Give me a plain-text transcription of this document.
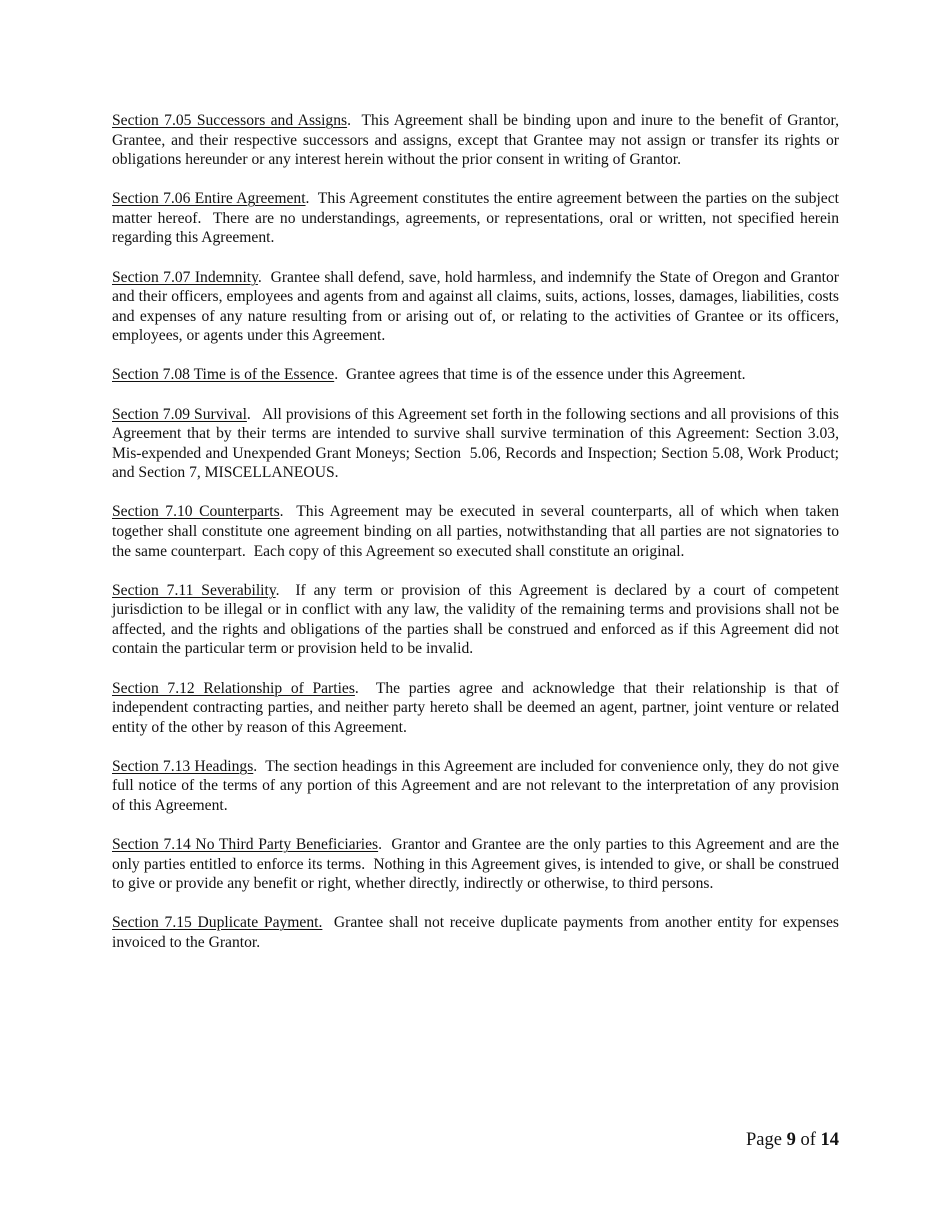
Section 7.05 Successors and Assigns.  This Agreement shall be binding upon and inure to the benefit of Grantor, Grantee, and their respective successors and assigns, except that Grantee may not assign or transfer its rights or obligations hereunder or any interest herein without the prior consent in writing of Grantor.

Section 7.06 Entire Agreement.  This Agreement constitutes the entire agreement between the parties on the subject matter hereof.  There are no understandings, agreements, or representations, oral or written, not specified herein regarding this Agreement.

Section 7.07 Indemnity.  Grantee shall defend, save, hold harmless, and indemnify the State of Oregon and Grantor and their officers, employees and agents from and against all claims, suits, actions, losses, damages, liabilities, costs and expenses of any nature resulting from or arising out of, or relating to the activities of Grantee or its officers, employees, or agents under this Agreement.

Section 7.08 Time is of the Essence.  Grantee agrees that time is of the essence under this Agreement.

Section 7.09 Survival.   All provisions of this Agreement set forth in the following sections and all provisions of this Agreement that by their terms are intended to survive shall survive termination of this Agreement: Section 3.03, Mis-expended and Unexpended Grant Moneys; Section  5.06, Records and Inspection; Section 5.08, Work Product; and Section 7, MISCELLANEOUS.

Section 7.10 Counterparts.  This Agreement may be executed in several counterparts, all of which when taken together shall constitute one agreement binding on all parties, notwithstanding that all parties are not signatories to the same counterpart.  Each copy of this Agreement so executed shall constitute an original.

Section 7.11 Severability.  If any term or provision of this Agreement is declared by a court of competent jurisdiction to be illegal or in conflict with any law, the validity of the remaining terms and provisions shall not be affected, and the rights and obligations of the parties shall be construed and enforced as if this Agreement did not contain the particular term or provision held to be invalid.

Section 7.12 Relationship of Parties.  The parties agree and acknowledge that their relationship is that of independent contracting parties, and neither party hereto shall be deemed an agent, partner, joint venture or related entity of the other by reason of this Agreement.

Section 7.13 Headings.  The section headings in this Agreement are included for convenience only, they do not give full notice of the terms of any portion of this Agreement and are not relevant to the interpretation of any provision of this Agreement.

Section 7.14 No Third Party Beneficiaries.  Grantor and Grantee are the only parties to this Agreement and are the only parties entitled to enforce its terms.  Nothing in this Agreement gives, is intended to give, or shall be construed to give or provide any benefit or right, whether directly, indirectly or otherwise, to third persons.

Section 7.15 Duplicate Payment.  Grantee shall not receive duplicate payments from another entity for expenses invoiced to the Grantor.

Page 9 of 14
